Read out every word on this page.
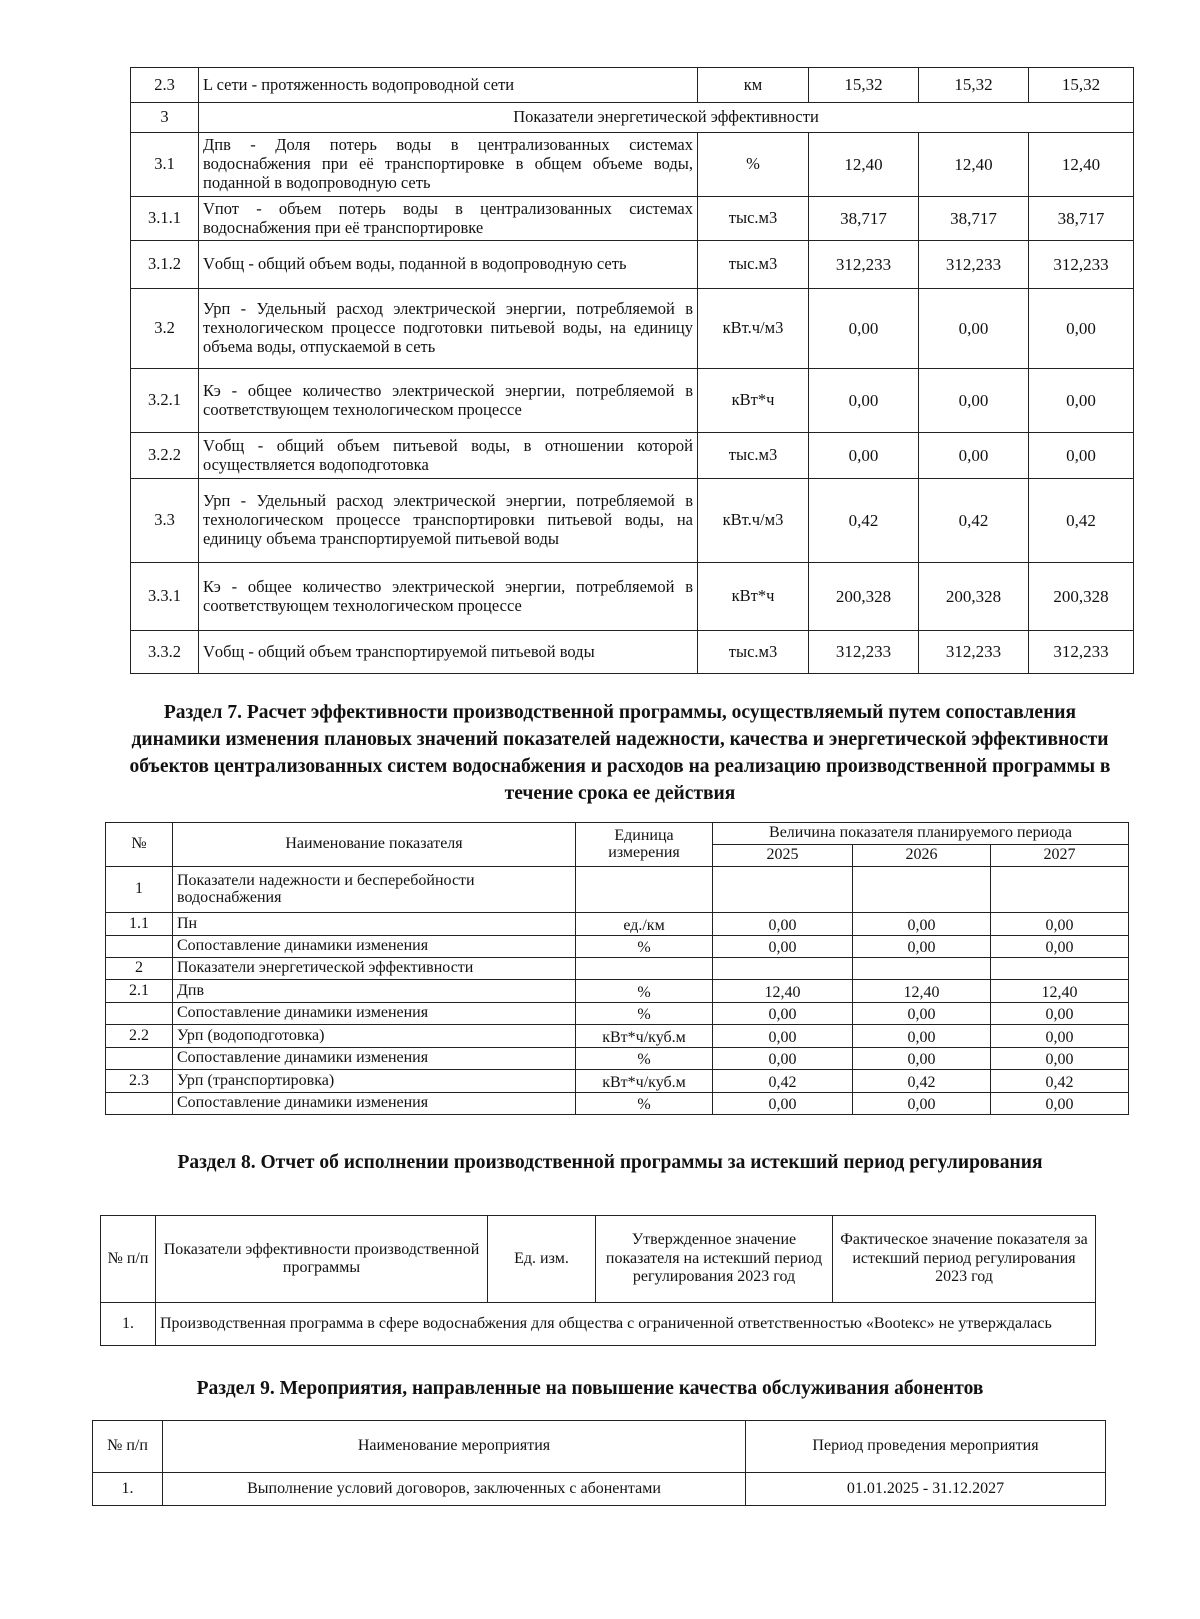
2.3	L сети - протяженность водопроводной сети	км	15,32	15,32	15,32
3	Показатели энергетической эффективности				
3.1	Дпв - Доля потерь воды в централизованных системах водоснабжения при её транспортировке в общем объеме воды, поданной в водопроводную сеть	%	12,40	12,40	12,40
3.1.1	Vпот - объем потерь воды в централизованных системах водоснабжения при её транспортировке	тыс.м3	38,717	38,717	38,717
3.1.2	Vобщ - общий объем воды, поданной в водопроводную сеть	тыс.м3	312,233	312,233	312,233
3.2	Урп - Удельный расход электрической энергии, потребляемой в технологическом процессе подготовки питьевой воды, на единицу объема воды, отпускаемой в сеть	кВт.ч/м3	0,00	0,00	0,00
3.2.1	Кэ - общее количество электрической энергии, потребляемой в соответствующем технологическом процессе	кВт*ч	0,00	0,00	0,00
3.2.2	Vобщ - общий объем питьевой воды, в отношении которой осуществляется водоподготовка	тыс.м3	0,00	0,00	0,00
3.3	Урп - Удельный расход электрической энергии, потребляемой в технологическом процессе транспортировки питьевой воды, на единицу объема транспортируемой питьевой воды	кВт.ч/м3	0,42	0,42	0,42
3.3.1	Кэ - общее количество электрической энергии, потребляемой в соответствующем технологическом процессе	кВт*ч	200,328	200,328	200,328
3.3.2	Vобщ - общий объем транспортируемой питьевой воды	тыс.м3	312,233	312,233	312,233
Раздел 7. Расчет эффективности производственной программы, осуществляемый путем сопоставления динамики изменения плановых значений показателей надежности, качества и энергетической эффективности объектов централизованных систем водоснабжения и расходов на реализацию производственной программы в течение срока ее действия
№	Наименование показателя	Единица измерения	Величина показателя планируемого периода		
			2025	2026	2027
1	Показатели надежности и бесперебойности водоснабжения				
1.1	Пн	ед./км	0,00	0,00	0,00
	Сопоставление динамики изменения	%	0,00	0,00	0,00
2	Показатели энергетической эффективности				
2.1	Дпв	%	12,40	12,40	12,40
	Сопоставление динамики изменения	%	0,00	0,00	0,00
2.2	Урп (водоподготовка)	кВт*ч/куб.м	0,00	0,00	0,00
	Сопоставление динамики изменения	%	0,00	0,00	0,00
2.3	Урп (транспортировка)	кВт*ч/куб.м	0,42	0,42	0,42
	Сопоставление динамики изменения	%	0,00	0,00	0,00
Раздел 8. Отчет об исполнении производственной программы за истекший период регулирования
№ п/п	Показатели эффективности производственной программы	Ед. изм.	Утвержденное значение показателя на истекший период регулирования 2023 год	Фактическое значение показателя за истекший период регулирования 2023 год
1.	Производственная программа в сфере водоснабжения для общества с ограниченной ответственностью «Вootекс» не утверждалась			
Раздел 9. Мероприятия, направленные на повышение качества обслуживания абонентов
№ п/п	Наименование мероприятия	Период проведения мероприятия
1.	Выполнение условий договоров, заключенных с абонентами	01.01.2025 - 31.12.2027
